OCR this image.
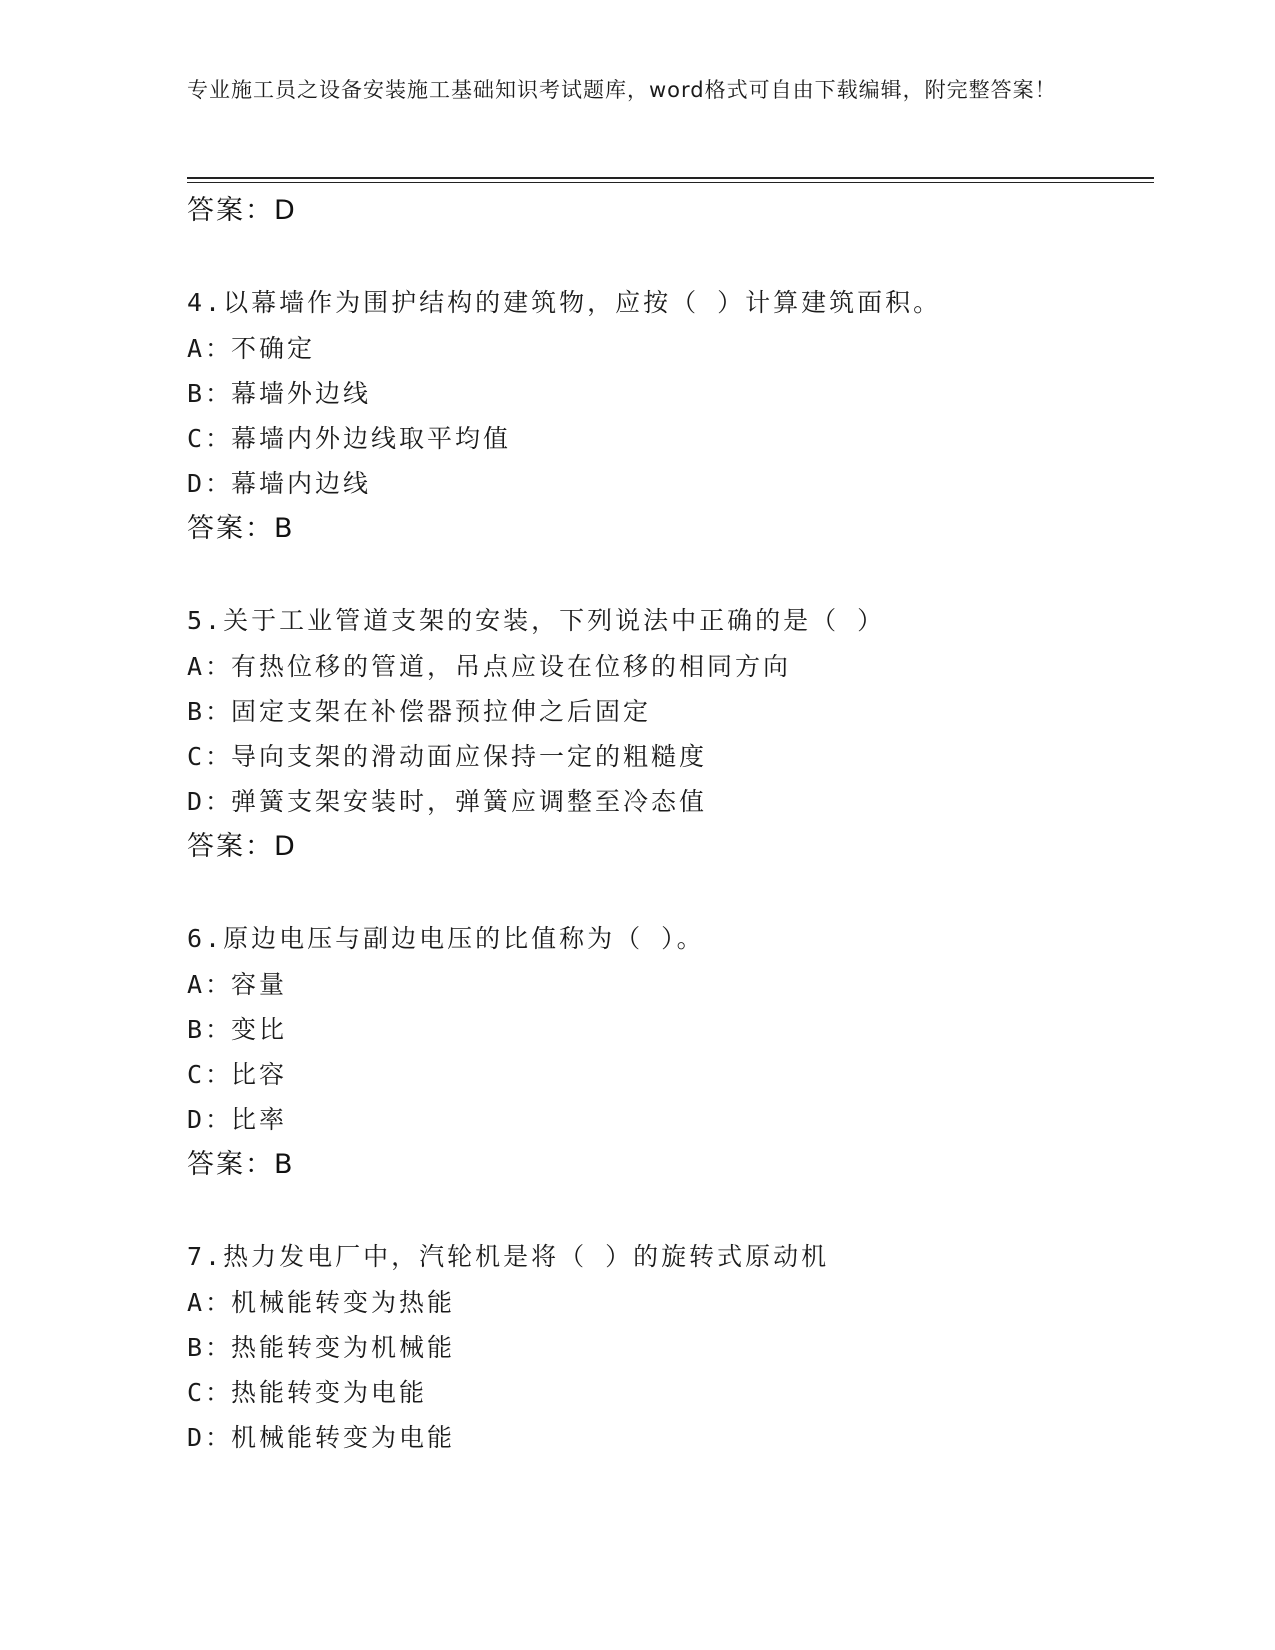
专业施工员之设备安装施工基础知识考试题库，word格式可自由下载编辑，附完整答案！
答案：D
4.以幕墙作为围护结构的建筑物，应按（ ）计算建筑面积。
A：不确定
B：幕墙外边线
C：幕墙内外边线取平均值
D：幕墙内边线
答案：B
5.关于工业管道支架的安装，下列说法中正确的是（ ）
A：有热位移的管道，吊点应设在位移的相同方向
B：固定支架在补偿器预拉伸之后固定
C：导向支架的滑动面应保持一定的粗糙度
D：弹簧支架安装时，弹簧应调整至冷态值
答案：D
6.原边电压与副边电压的比值称为（ ）。
A：容量
B：变比
C：比容
D：比率
答案：B
7.热力发电厂中，汽轮机是将（ ）的旋转式原动机
A：机械能转变为热能
B：热能转变为机械能
C：热能转变为电能
D：机械能转变为电能
